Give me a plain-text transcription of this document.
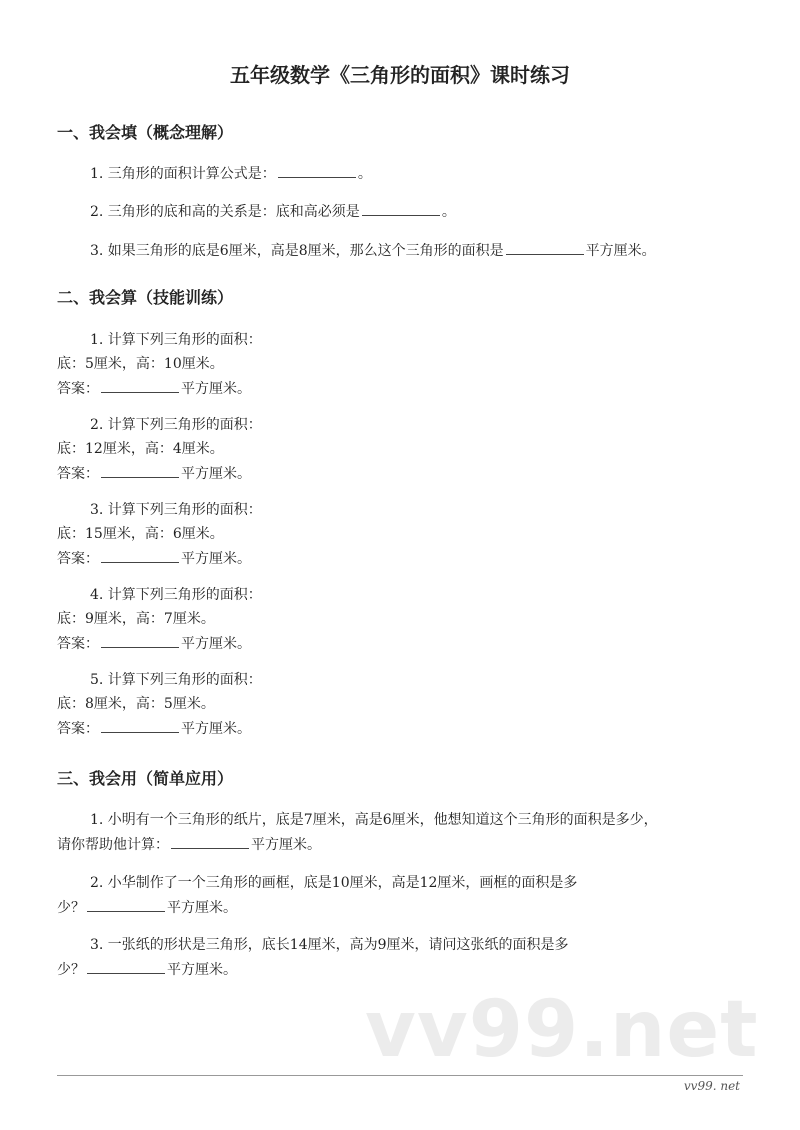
五年级数学《三角形的面积》课时练习
一、我会填（概念理解）
1. 三角形的面积计算公式是：	。
2. 三角形的底和高的关系是：底和高必须是	。
3. 如果三角形的底是6厘米，高是8厘米，那么这个三角形的面积是	平方厘米。
二、我会算（技能训练）
1. 计算下列三角形的面积：
底：5厘米，高：10厘米。
答案：	平方厘米。
2. 计算下列三角形的面积：
底：12厘米，高：4厘米。
答案：	平方厘米。
3. 计算下列三角形的面积：
底：15厘米，高：6厘米。
答案：	平方厘米。
4. 计算下列三角形的面积：
底：9厘米，高：7厘米。
答案：	平方厘米。
5. 计算下列三角形的面积：
底：8厘米，高：5厘米。
答案：	平方厘米。
三、我会用（简单应用）
1. 小明有一个三角形的纸片，底是7厘米，高是6厘米，他想知道这个三角形的面积是多少，
请你帮助他计算：	平方厘米。
2. 小华制作了一个三角形的画框，底是10厘米，高是12厘米，画框的面积是多
少？	平方厘米。
3. 一张纸的形状是三角形，底长14厘米，高为9厘米，请问这张纸的面积是多
少？	平方厘米。
vv99.net
vv99. net
